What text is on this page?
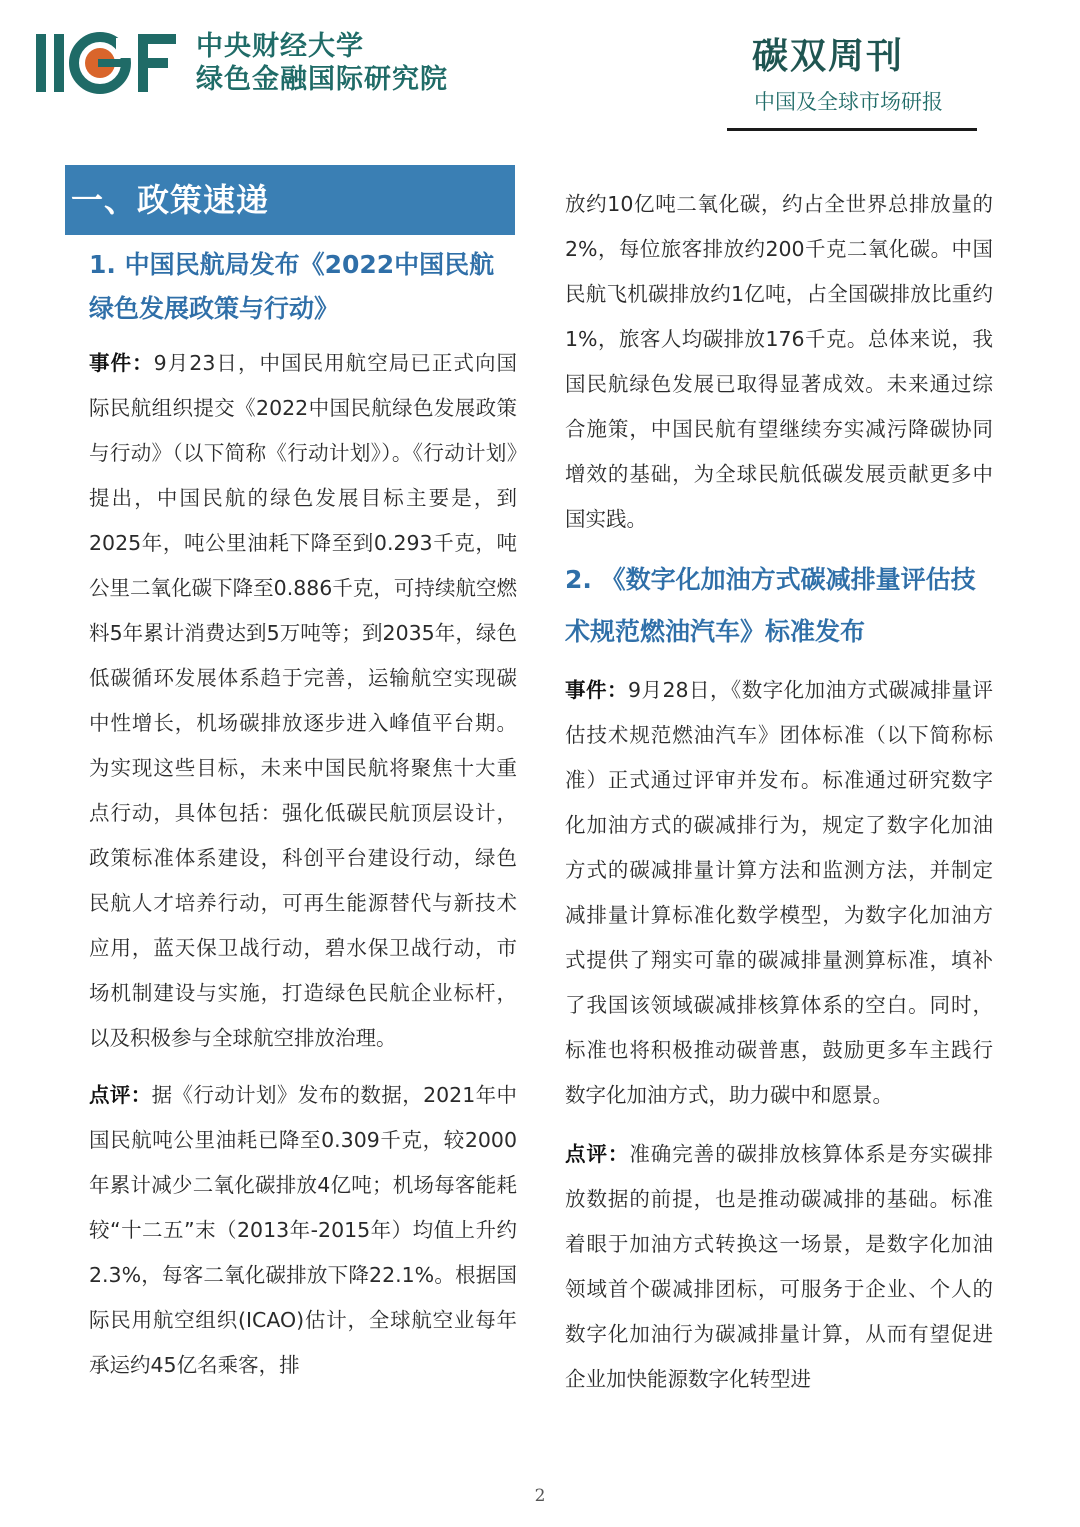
中央财经大学
绿色金融国际研究院
碳双周刊
中国及全球市场研报
一、政策速递
1. 中国民航局发布《2022中国民航绿色发展政策与行动》

事件：9月23日，中国民用航空局已正式向国际民航组织提交《2022中国民航绿色发展政策与行动》（以下简称《行动计划》）。《行动计划》提出，中国民航的绿色发展目标主要是，到2025年，吨公里油耗下降至到0.293千克，吨公里二氧化碳下降至0.886千克，可持续航空燃料5年累计消费达到5万吨等；到2035年，绿色低碳循环发展体系趋于完善，运输航空实现碳中性增长，机场碳排放逐步进入峰值平台期。为实现这些目标，未来中国民航将聚焦十大重点行动，具体包括：强化低碳民航顶层设计，政策标准体系建设，科创平台建设行动，绿色民航人才培养行动，可再生能源替代与新技术应用，蓝天保卫战行动，碧水保卫战行动，市场机制建设与实施，打造绿色民航企业标杆，以及积极参与全球航空排放治理。

点评：据《行动计划》发布的数据，2021年中国民航吨公里油耗已降至0.309千克，较2000年累计减少二氧化碳排放4亿吨；机场每客能耗较“十二五”末（2013年-2015年）均值上升约2.3%，每客二氧化碳排放下降22.1%。根据国际民用航空组织(ICAO)估计，全球航空业每年承运约45亿名乘客，排

放约10亿吨二氧化碳，约占全世界总排放量的2%，每位旅客排放约200千克二氧化碳。中国民航飞机碳排放约1亿吨，占全国碳排放比重约1%，旅客人均碳排放176千克。总体来说，我国民航绿色发展已取得显著成效。未来通过综合施策，中国民航有望继续夯实减污降碳协同增效的基础，为全球民航低碳发展贡献更多中国实践。

2. 《数字化加油方式碳减排量评估技术规范燃油汽车》标准发布

事件：9月28日，《数字化加油方式碳减排量评估技术规范燃油汽车》团体标准（以下简称标准）正式通过评审并发布。标准通过研究数字化加油方式的碳减排行为，规定了数字化加油方式的碳减排量计算方法和监测方法，并制定减排量计算标准化数学模型，为数字化加油方式提供了翔实可靠的碳减排量测算标准，填补了我国该领域碳减排核算体系的空白。同时，标准也将积极推动碳普惠，鼓励更多车主践行数字化加油方式，助力碳中和愿景。

点评：准确完善的碳排放核算体系是夯实碳排放数据的前提，也是推动碳减排的基础。标准着眼于加油方式转换这一场景，是数字化加油领域首个碳减排团标，可服务于企业、个人的数字化加油行为碳减排量计算，从而有望促进企业加快能源数字化转型进

2
